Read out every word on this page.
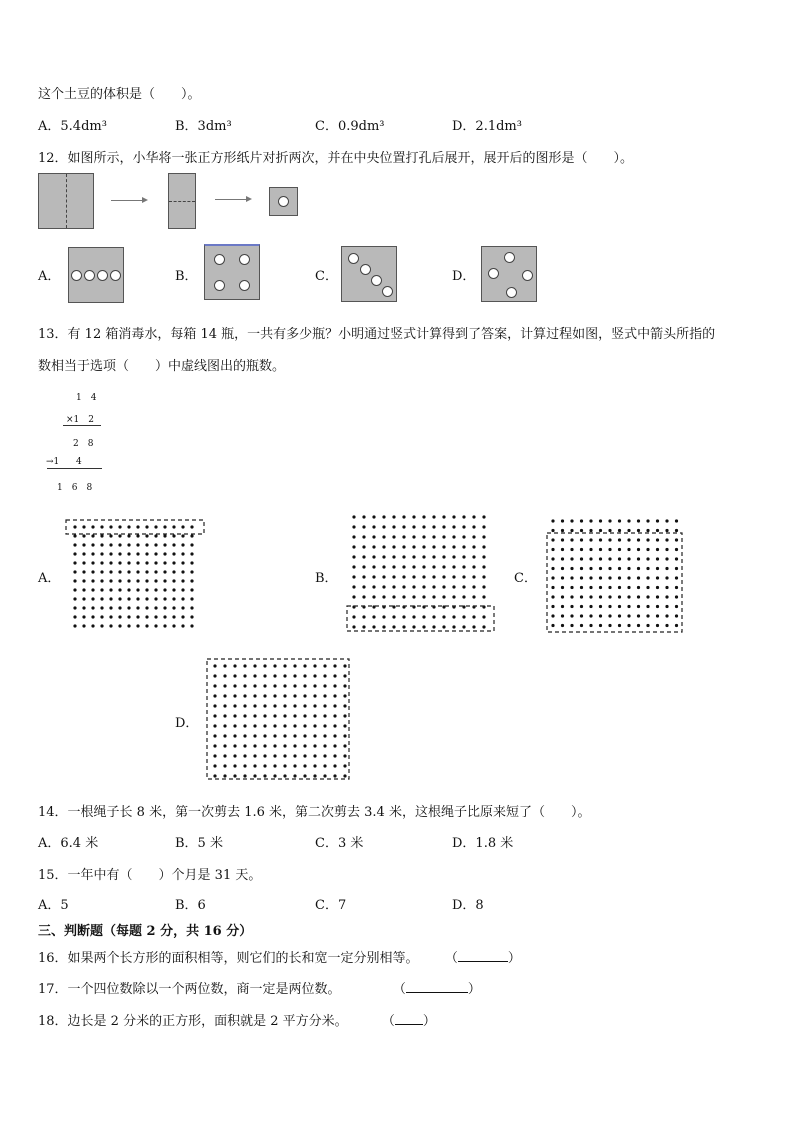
这个土豆的体积是（　　）。
A．5.4dm³	B．3dm³	C．0.9dm³	D．2.1dm³
12．如图所示，小华将一张正方形纸片对折两次，并在中央位置打孔后展开，展开后的图形是（　　）。
A．	B．	C．	D．
13．有 12 箱消毒水，每箱 14 瓶，一共有多少瓶？小明通过竖式计算得到了答案，计算过程如图，竖式中箭头所指的
数相当于选项（　　）中虚线图出的瓶数。
1　4
×1　2
2　8
→1 4
1　6　8
A．	B．	C．
D．
14．一根绳子长 8 米，第一次剪去 1.6 米，第二次剪去 3.4 米，这根绳子比原来短了（　　）。
A．6.4 米	B．5 米	C．3 米	D．1.8 米
15．一年中有（　　）个月是 31 天。
A．5	B．6	C．7	D．8
三、判断题（每题 2 分，共 16 分）
16．如果两个长方形的面积相等，则它们的长和宽一定分别相等。 （	）
17．一个四位数除以一个两位数，商一定是两位数。	（	）
18．边长是 2 分米的正方形，面积就是 2 平方分米。	（ ）
